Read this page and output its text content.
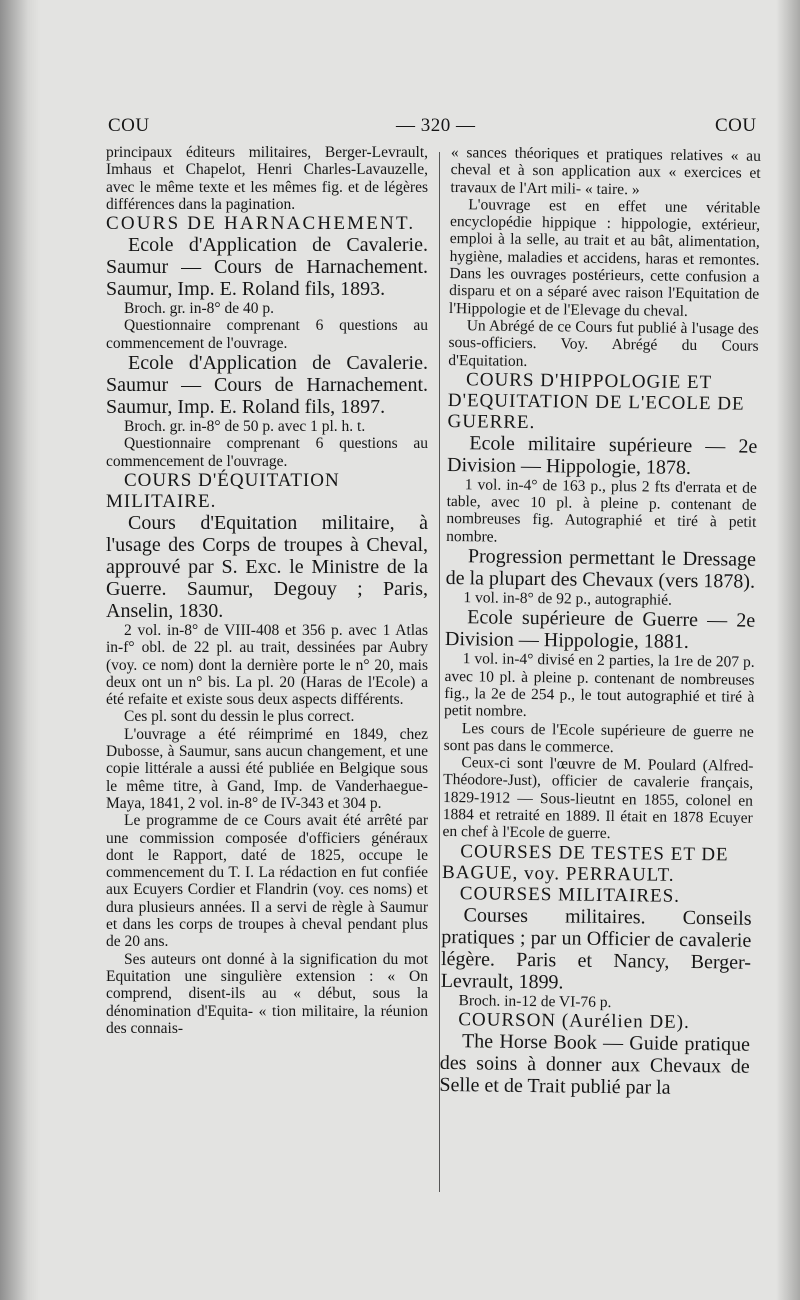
COU	— 320 —	COU

principaux éditeurs militaires, Berger-Levrault, Imhaus et Chapelot, Henri Charles-Lavauzelle, avec le même texte et les mêmes fig. et de légères différences dans la pagination.

COURS DE HARNACHEMENT.

Ecole d'Application de Cavalerie. Saumur — Cours de Harnachement. Saumur, Imp. E. Roland fils, 1893.

Broch. gr. in-8° de 40 p.

Questionnaire comprenant 6 questions au commencement de l'ouvrage.

Ecole d'Application de Cavalerie. Saumur — Cours de Harnachement. Saumur, Imp. E. Roland fils, 1897.

Broch. gr. in-8° de 50 p. avec 1 pl. h. t.

Questionnaire comprenant 6 questions au commencement de l'ouvrage.

COURS D'ÉQUITATION MILITAIRE.

Cours d'Equitation militaire, à l'usage des Corps de troupes à Cheval, approuvé par S. Exc. le Ministre de la Guerre. Saumur, Degouy ; Paris, Anselin, 1830.

2 vol. in-8° de VIII-408 et 356 p. avec 1 Atlas in-f° obl. de 22 pl. au trait, dessinées par Aubry (voy. ce nom) dont la dernière porte le n° 20, mais deux ont un n° bis. La pl. 20 (Haras de l'Ecole) a été refaite et existe sous deux aspects différents.

Ces pl. sont du dessin le plus correct.

L'ouvrage a été réimprimé en 1849, chez Dubosse, à Saumur, sans aucun changement, et une copie littérale a aussi été publiée en Belgique sous le même titre, à Gand, Imp. de Vanderhaegue-Maya, 1841, 2 vol. in-8° de IV-343 et 304 p.

Le programme de ce Cours avait été arrêté par une commission composée d'officiers généraux dont le Rapport, daté de 1825, occupe le commencement du T. I. La rédaction en fut confiée aux Ecuyers Cordier et Flandrin (voy. ces noms) et dura plusieurs années. Il a servi de règle à Saumur et dans les corps de troupes à cheval pendant plus de 20 ans.

Ses auteurs ont donné à la signification du mot Equitation une singulière extension : « On comprend, disent-ils au « début, sous la dénomination d'Equita- « tion militaire, la réunion des connais-

« sances théoriques et pratiques relatives « au cheval et à son application aux « exercices et travaux de l'Art mili- « taire. »

L'ouvrage est en effet une véritable encyclopédie hippique : hippologie, extérieur, emploi à la selle, au trait et au bât, alimentation, hygiène, maladies et accidens, haras et remontes. Dans les ouvrages postérieurs, cette confusion a disparu et on a séparé avec raison l'Equitation de l'Hippologie et de l'Elevage du cheval.

Un Abrégé de ce Cours fut publié à l'usage des sous-officiers. Voy. Abrégé du Cours d'Equitation.

COURS D'HIPPOLOGIE ET D'EQUITATION DE L'ECOLE DE GUERRE.

Ecole militaire supérieure — 2e Division — Hippologie, 1878.

1 vol. in-4° de 163 p., plus 2 fts d'errata et de table, avec 10 pl. à pleine p. contenant de nombreuses fig. Autographié et tiré à petit nombre.

Progression permettant le Dressage de la plupart des Chevaux (vers 1878).

1 vol. in-8° de 92 p., autographié.

Ecole supérieure de Guerre — 2e Division — Hippologie, 1881.

1 vol. in-4° divisé en 2 parties, la 1re de 207 p. avec 10 pl. à pleine p. contenant de nombreuses fig., la 2e de 254 p., le tout autographié et tiré à petit nombre.

Les cours de l'Ecole supérieure de guerre ne sont pas dans le commerce.

Ceux-ci sont l'œuvre de M. Poulard (Alfred-Théodore-Just), officier de cavalerie français, 1829-1912 — Sous-lieutnt en 1855, colonel en 1884 et retraité en 1889. Il était en 1878 Ecuyer en chef à l'Ecole de guerre.

COURSES DE TESTES ET DE BAGUE, voy. PERRAULT.

COURSES MILITAIRES.

Courses militaires. Conseils pratiques ; par un Officier de cavalerie légère. Paris et Nancy, Berger-Levrault, 1899.

Broch. in-12 de VI-76 p.

COURSON (Aurélien DE).

The Horse Book — Guide pratique des soins à donner aux Chevaux de Selle et de Trait publié par la
